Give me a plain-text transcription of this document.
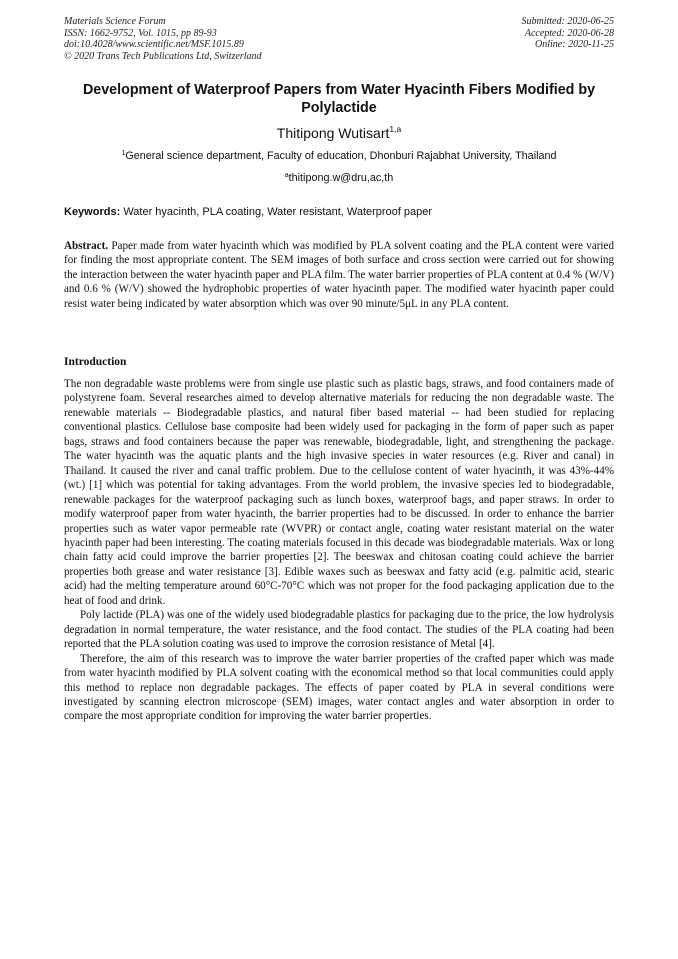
Materials Science Forum
ISSN: 1662-9752, Vol. 1015, pp 89-93
doi:10.4028/www.scientific.net/MSF.1015.89
© 2020 Trans Tech Publications Ltd, Switzerland
Submitted: 2020-06-25
Accepted: 2020-06-28
Online: 2020-11-25
Development of Waterproof Papers from Water Hyacinth Fibers Modified by Polylactide
Thitipong Wutisart$^{1,a}$
$^1$General science department, Faculty of education, Dhonburi Rajabhat University, Thailand
$^a$thitipong.w@dru,ac,th
Keywords: Water hyacinth, PLA coating, Water resistant, Waterproof paper
Abstract. Paper made from water hyacinth which was modified by PLA solvent coating and the PLA content were varied for finding the most appropriate content. The SEM images of both surface and cross section were carried out for showing the interaction between the water hyacinth paper and PLA film. The water barrier properties of PLA content at 0.4 % (W/V) and 0.6 % (W/V) showed the hydrophobic properties of water hyacinth paper. The modified water hyacinth paper could resist water being indicated by water absorption which was over 90 minute/5μL in any PLA content.
Introduction

The non degradable waste problems were from single use plastic such as plastic bags, straws, and food containers made of polystyrene foam. Several researches aimed to develop alternative materials for reducing the non degradable waste. The renewable materials -- Biodegradable plastics, and natural fiber based material -- had been studied for replacing conventional plastics. Cellulose base composite had been widely used for packaging in the form of paper such as paper bags, straws and food containers because the paper was renewable, biodegradable, light, and strengthening the package. The water hyacinth was the aquatic plants and the high invasive species in water resources (e.g. River and canal) in Thailand. It caused the river and canal traffic problem. Due to the cellulose content of water hyacinth, it was 43%-44% (wt.) [1] which was potential for taking advantages. From the world problem, the invasive species led to biodegradable, renewable packages for the waterproof packaging such as lunch boxes, waterproof bags, and paper straws. In order to modify waterproof paper from water hyacinth, the barrier properties had to be discussed. In order to enhance the barrier properties such as water vapor permeable rate (WVPR) or contact angle, coating water resistant material on the water hyacinth paper had been interesting. The coating materials focused in this decade was biodegradable materials. Wax or long chain fatty acid could improve the barrier properties [2]. The beeswax and chitosan coating could achieve the barrier properties both grease and water resistance [3]. Edible waxes such as beeswax and fatty acid (e.g. palmitic acid, stearic acid) had the melting temperature around 60°C-70°C which was not proper for the food packaging application due to the heat of food and drink.

Poly lactide (PLA) was one of the widely used biodegradable plastics for packaging due to the price, the low hydrolysis degradation in normal temperature, the water resistance, and the food contact. The studies of the PLA coating had been reported that the PLA solution coating was used to improve the corrosion resistance of Metal [4].

Therefore, the aim of this research was to improve the water barrier properties of the crafted paper which was made from water hyacinth modified by PLA solvent coating with the economical method so that local communities could apply this method to replace non degradable packages. The effects of paper coated by PLA in several conditions were investigated by scanning electron microscope (SEM) images, water contact angles and water absorption in order to compare the most appropriate condition for improving the water barrier properties.
